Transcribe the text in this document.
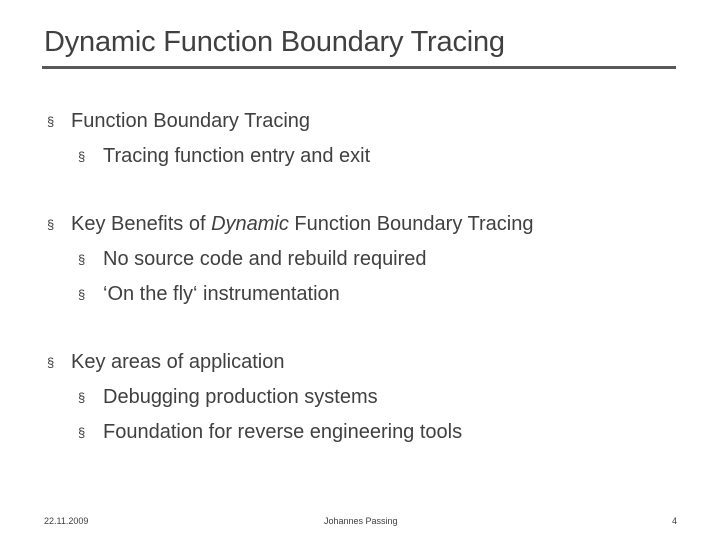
Dynamic Function Boundary Tracing
§ Function Boundary Tracing
§ Tracing function entry and exit
§ Key Benefits of Dynamic Function Boundary Tracing
§ No source code and rebuild required
§ ‘On the fly‘ instrumentation
§ Key areas of application
§ Debugging production systems
§ Foundation for reverse engineering tools
22.11.2009	Johannes Passing	4
